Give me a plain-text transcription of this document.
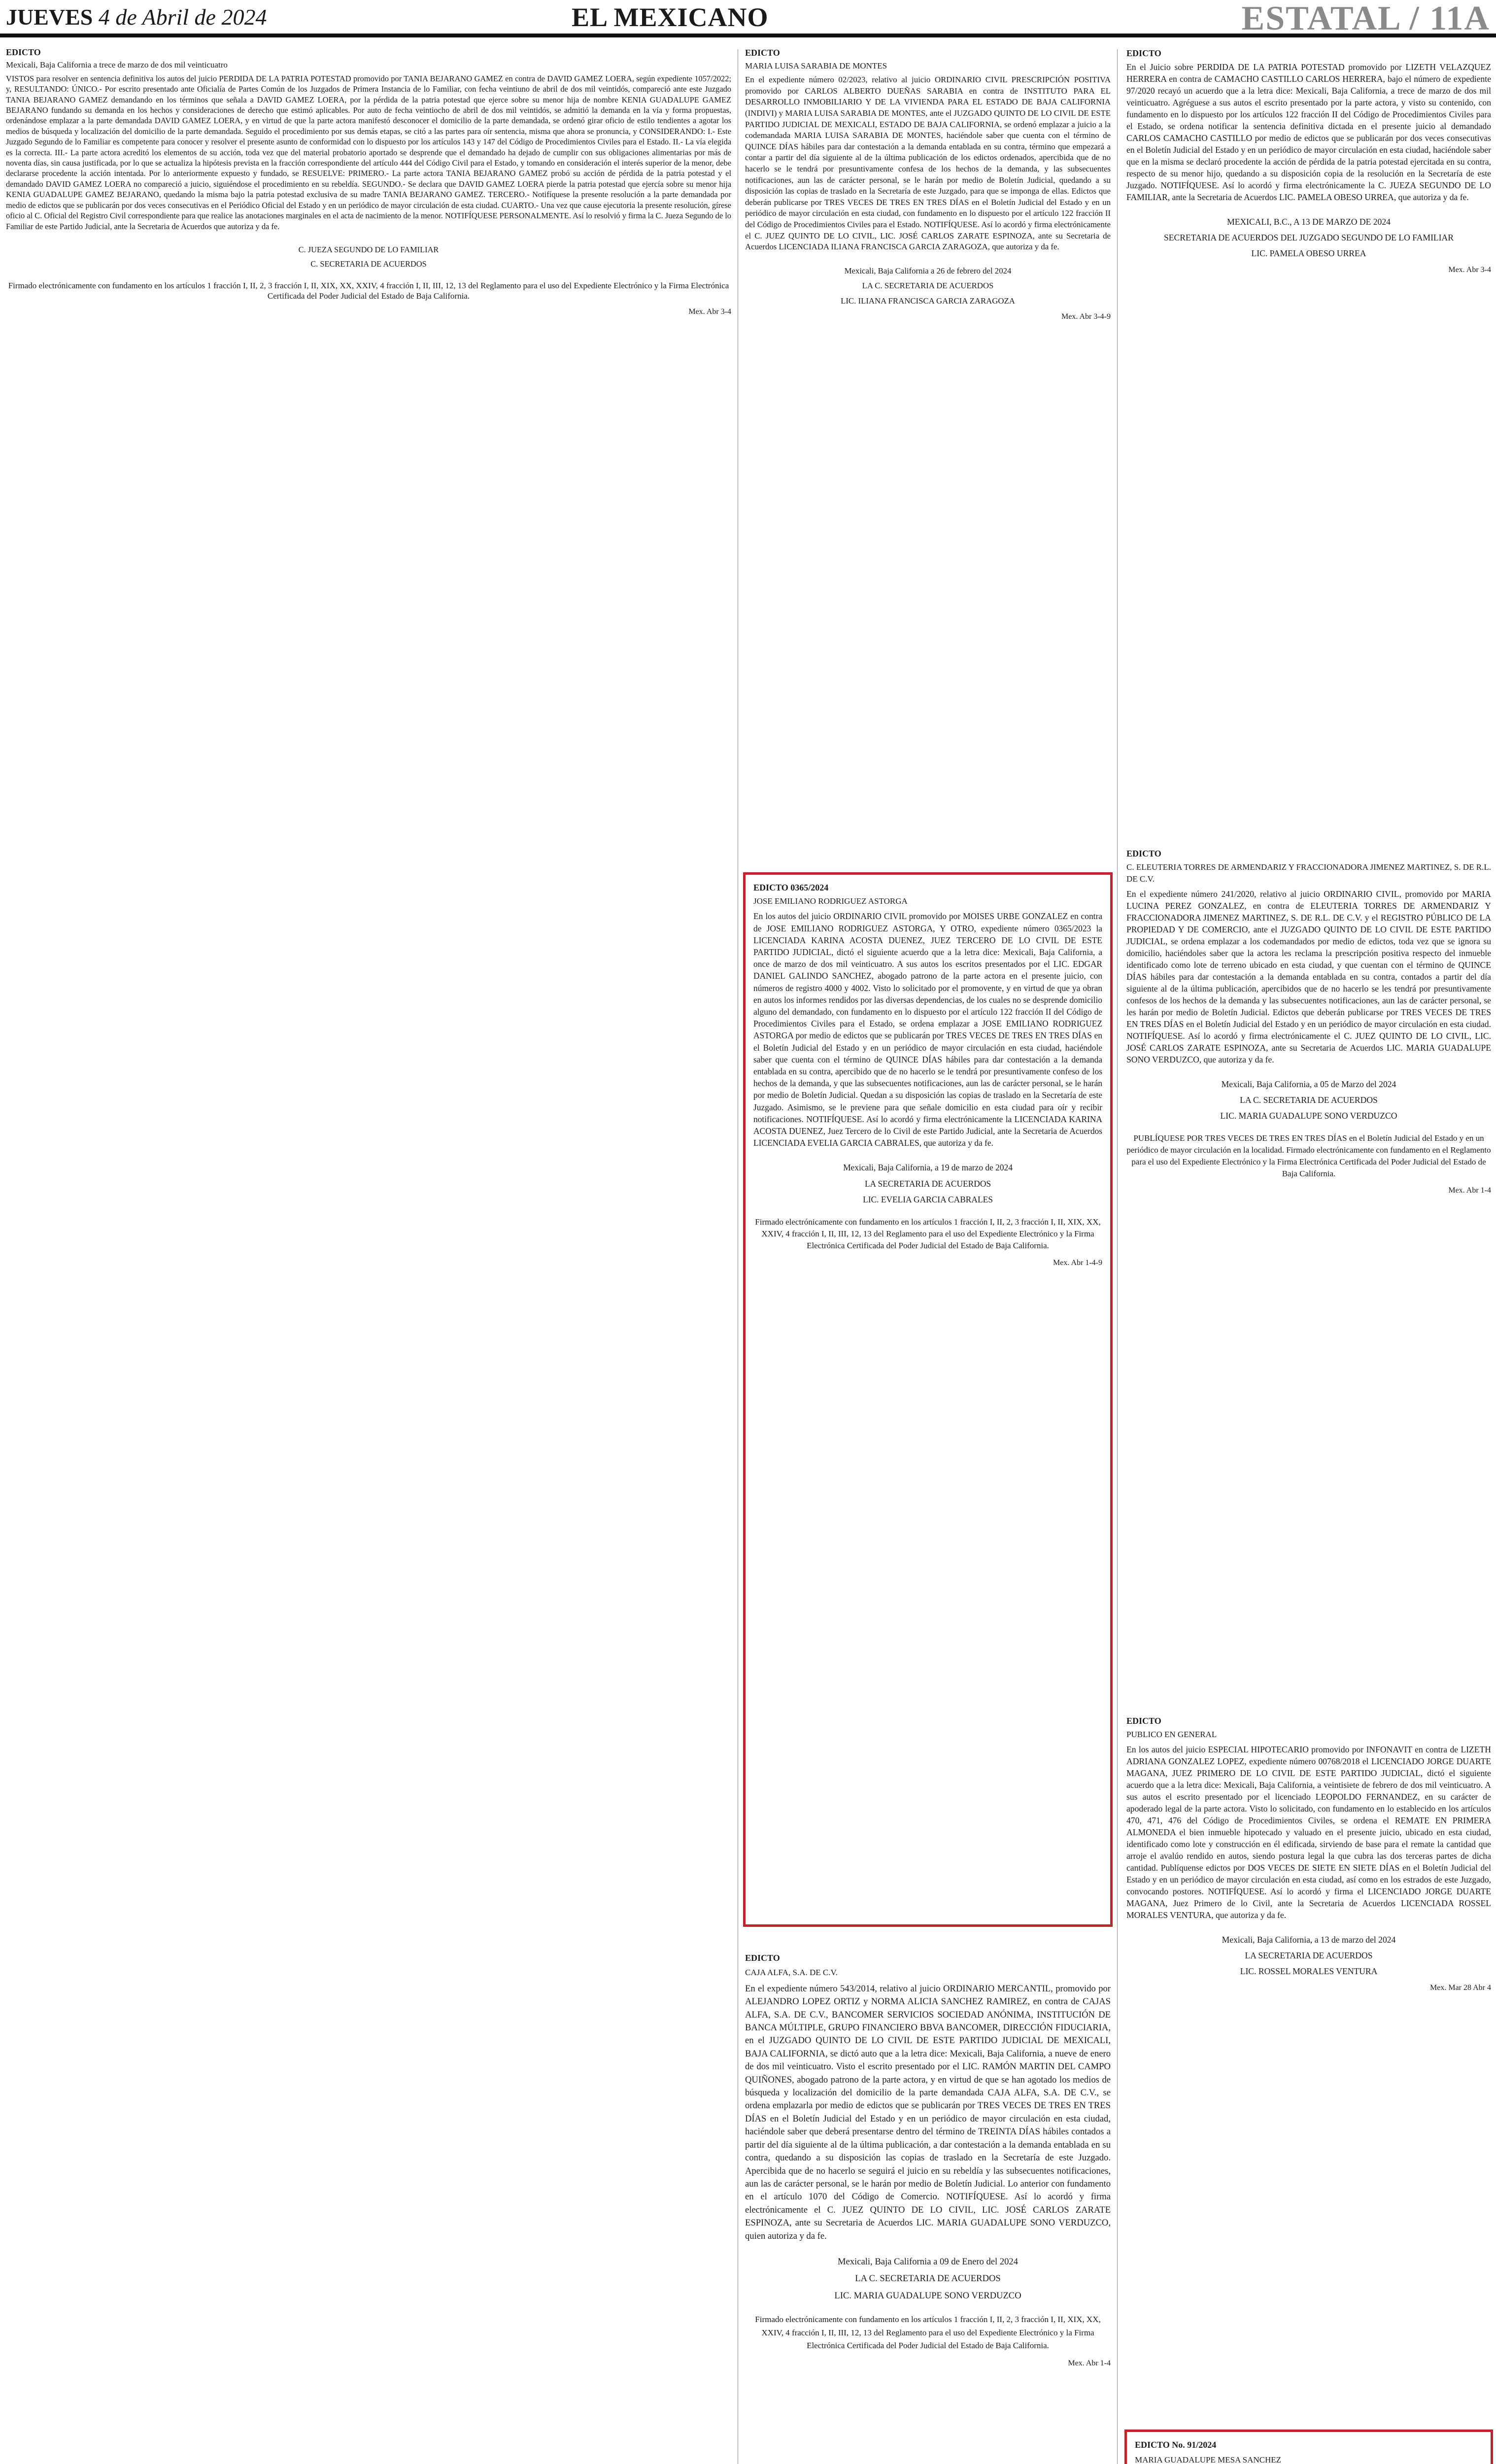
JUEVES 4 de Abril de 2024	EL MEXICANO	ESTATAL / 11A
EDICTO
Mexicali, Baja California a trece de marzo de dos mil veinticuatro

VISTOS para resolver en sentencia definitiva los autos del juicio PERDIDA DE LA PATRIA POTESTAD promovido por TANIA BEJARANO GAMEZ en contra de DAVID GAMEZ LOERA, según expediente 1057/2022; y, RESULTANDO: ÚNICO.- Por escrito presentado ante Oficialía de Partes Común de los Juzgados de Primera Instancia de lo Familiar, con fecha veintiuno de abril de dos mil veintidós, compareció ante este Juzgado TANIA BEJARANO GAMEZ demandando en los términos que señala a DAVID GAMEZ LOERA, por la pérdida de la patria potestad que ejerce sobre su menor hija de nombre KENIA GUADALUPE GAMEZ BEJARANO fundando su demanda en los hechos y consideraciones de derecho que estimó aplicables. Por auto de fecha veintiocho de abril de dos mil veintidós, se admitió la demanda en la vía y forma propuestas, ordenándose emplazar a la parte demandada DAVID GAMEZ LOERA, y en virtud de que la parte actora manifestó desconocer el domicilio de la parte demandada, se ordenó girar oficio de estilo tendientes a agotar los medios de búsqueda y localización del domicilio de la parte demandada. Seguido el procedimiento por sus demás etapas, se citó a las partes para oír sentencia, misma que ahora se pronuncia, y CONSIDERANDO: I.- Este Juzgado Segundo de lo Familiar es competente para conocer y resolver el presente asunto de conformidad con lo dispuesto por los artículos 143 y 147 del Código de Procedimientos Civiles para el Estado. II.- La vía elegida es la correcta. III.- La parte actora acreditó los elementos de su acción, toda vez que del material probatorio aportado se desprende que el demandado ha dejado de cumplir con sus obligaciones alimentarias por más de noventa días, sin causa justificada, por lo que se actualiza la hipótesis prevista en la fracción correspondiente del artículo 444 del Código Civil para el Estado, y tomando en consideración el interés superior de la menor, debe declararse procedente la acción intentada. Por lo anteriormente expuesto y fundado, se RESUELVE: PRIMERO.- La parte actora TANIA BEJARANO GAMEZ probó su acción de pérdida de la patria potestad y el demandado DAVID GAMEZ LOERA no compareció a juicio, siguiéndose el procedimiento en su rebeldía. SEGUNDO.- Se declara que DAVID GAMEZ LOERA pierde la patria potestad que ejercía sobre su menor hija KENIA GUADALUPE GAMEZ BEJARANO, quedando la misma bajo la patria potestad exclusiva de su madre TANIA BEJARANO GAMEZ. TERCERO.- Notifíquese la presente resolución a la parte demandada por medio de edictos que se publicarán por dos veces consecutivas en el Periódico Oficial del Estado y en un periódico de mayor circulación de esta ciudad. CUARTO.- Una vez que cause ejecutoria la presente resolución, gírese oficio al C. Oficial del Registro Civil correspondiente para que realice las anotaciones marginales en el acta de nacimiento de la menor. NOTIFÍQUESE PERSONALMENTE. Así lo resolvió y firma la C. Jueza Segundo de lo Familiar de este Partido Judicial, ante la Secretaria de Acuerdos que autoriza y da fe.

C. JUEZA SEGUNDO DE LO FAMILIAR
C. SECRETARIA DE ACUERDOS
Firmado electrónicamente con fundamento en los artículos 1 fracción I, II, 2, 3 fracción I, II, XIX, XX, XXIV, 4 fracción I, II, III, 12, 13 del Reglamento para el uso del Expediente Electrónico y la Firma Electrónica Certificada del Poder Judicial del Estado de Baja California.
Mex. Abr 3-4
EDICTO
MARIA LUISA SARABIA DE MONTES

En el expediente número 02/2023, relativo al juicio ORDINARIO CIVIL PRESCRIPCIÓN POSITIVA promovido por CARLOS ALBERTO DUEÑAS SARABIA en contra de INSTITUTO PARA EL DESARROLLO INMOBILIARIO Y DE LA VIVIENDA PARA EL ESTADO DE BAJA CALIFORNIA (INDIVI) y MARIA LUISA SARABIA DE MONTES, ante el JUZGADO QUINTO DE LO CIVIL DE ESTE PARTIDO JUDICIAL DE MEXICALI, ESTADO DE BAJA CALIFORNIA, se ordenó emplazar a juicio a la codemandada MARIA LUISA SARABIA DE MONTES, haciéndole saber que cuenta con el término de QUINCE DÍAS hábiles para dar contestación a la demanda entablada en su contra, término que empezará a contar a partir del día siguiente al de la última publicación de los edictos ordenados, apercibida que de no hacerlo se le tendrá por presuntivamente confesa de los hechos de la demanda, y las subsecuentes notificaciones, aun las de carácter personal, se le harán por medio de Boletín Judicial, quedando a su disposición las copias de traslado en la Secretaría de este Juzgado, para que se imponga de ellas. Edictos que deberán publicarse por TRES VECES DE TRES EN TRES DÍAS en el Boletín Judicial del Estado y en un periódico de mayor circulación en esta ciudad, con fundamento en lo dispuesto por el artículo 122 fracción II del Código de Procedimientos Civiles para el Estado. NOTIFÍQUESE. Así lo acordó y firma electrónicamente el C. JUEZ QUINTO DE LO CIVIL, LIC. JOSÉ CARLOS ZARATE ESPINOZA, ante su Secretaria de Acuerdos LICENCIADA ILIANA FRANCISCA GARCIA ZARAGOZA, que autoriza y da fe.

Mexicali, Baja California a 26 de febrero del 2024
LA C. SECRETARIA DE ACUERDOS
LIC. ILIANA FRANCISCA GARCIA ZARAGOZA
Mex. Abr 3-4-9
EDICTO 0365/2024
JOSE EMILIANO RODRIGUEZ ASTORGA

En los autos del juicio ORDINARIO CIVIL promovido por MOISES URBE GONZALEZ en contra de JOSE EMILIANO RODRIGUEZ ASTORGA, Y OTRO, expediente número 0365/2023 la LICENCIADA KARINA ACOSTA DUENEZ, JUEZ TERCERO DE LO CIVIL DE ESTE PARTIDO JUDICIAL, dictó el siguiente acuerdo que a la letra dice: Mexicali, Baja California, a once de marzo de dos mil veinticuatro. A sus autos los escritos presentados por el LIC. EDGAR DANIEL GALINDO SANCHEZ, abogado patrono de la parte actora en el presente juicio, con números de registro 4000 y 4002. Visto lo solicitado por el promovente, y en virtud de que ya obran en autos los informes rendidos por las diversas dependencias, de los cuales no se desprende domicilio alguno del demandado, con fundamento en lo dispuesto por el artículo 122 fracción II del Código de Procedimientos Civiles para el Estado, se ordena emplazar a JOSE EMILIANO RODRIGUEZ ASTORGA por medio de edictos que se publicarán por TRES VECES DE TRES EN TRES DÍAS en el Boletín Judicial del Estado y en un periódico de mayor circulación en esta ciudad, haciéndole saber que cuenta con el término de QUINCE DÍAS hábiles para dar contestación a la demanda entablada en su contra, apercibido que de no hacerlo se le tendrá por presuntivamente confeso de los hechos de la demanda, y que las subsecuentes notificaciones, aun las de carácter personal, se le harán por medio de Boletín Judicial. Quedan a su disposición las copias de traslado en la Secretaría de este Juzgado. Asimismo, se le previene para que señale domicilio en esta ciudad para oír y recibir notificaciones. NOTIFÍQUESE. Así lo acordó y firma electrónicamente la LICENCIADA KARINA ACOSTA DUENEZ, Juez Tercero de lo Civil de este Partido Judicial, ante la Secretaria de Acuerdos LICENCIADA EVELIA GARCIA CABRALES, que autoriza y da fe.

Mexicali, Baja California, a 19 de marzo de 2024
LA SECRETARIA DE ACUERDOS
LIC. EVELIA GARCIA CABRALES
Firmado electrónicamente con fundamento en los artículos 1 fracción I, II, 2, 3 fracción I, II, XIX, XX, XXIV, 4 fracción I, II, III, 12, 13 del Reglamento para el uso del Expediente Electrónico y la Firma Electrónica Certificada del Poder Judicial del Estado de Baja California.
Mex. Abr 1-4-9
EDICTO
CAJA ALFA, S.A. DE C.V.

En el expediente número 543/2014, relativo al juicio ORDINARIO MERCANTIL, promovido por ALEJANDRO LOPEZ ORTIZ y NORMA ALICIA SANCHEZ RAMIREZ, en contra de CAJAS ALFA, S.A. DE C.V., BANCOMER SERVICIOS SOCIEDAD ANÓNIMA, INSTITUCIÓN DE BANCA MÚLTIPLE, GRUPO FINANCIERO BBVA BANCOMER, DIRECCIÓN FIDUCIARIA, en el JUZGADO QUINTO DE LO CIVIL DE ESTE PARTIDO JUDICIAL DE MEXICALI, BAJA CALIFORNIA, se dictó auto que a la letra dice: Mexicali, Baja California, a nueve de enero de dos mil veinticuatro. Visto el escrito presentado por el LIC. RAMÓN MARTIN DEL CAMPO QUIÑONES, abogado patrono de la parte actora, y en virtud de que se han agotado los medios de búsqueda y localización del domicilio de la parte demandada CAJA ALFA, S.A. DE C.V., se ordena emplazarla por medio de edictos que se publicarán por TRES VECES DE TRES EN TRES DÍAS en el Boletín Judicial del Estado y en un periódico de mayor circulación en esta ciudad, haciéndole saber que deberá presentarse dentro del término de TREINTA DÍAS hábiles contados a partir del día siguiente al de la última publicación, a dar contestación a la demanda entablada en su contra, quedando a su disposición las copias de traslado en la Secretaría de este Juzgado. Apercibida que de no hacerlo se seguirá el juicio en su rebeldía y las subsecuentes notificaciones, aun las de carácter personal, se le harán por medio de Boletín Judicial. Lo anterior con fundamento en el artículo 1070 del Código de Comercio. NOTIFÍQUESE. Así lo acordó y firma electrónicamente el C. JUEZ QUINTO DE LO CIVIL, LIC. JOSÉ CARLOS ZARATE ESPINOZA, ante su Secretaria de Acuerdos LIC. MARIA GUADALUPE SONO VERDUZCO, quien autoriza y da fe.

Mexicali, Baja California a 09 de Enero del 2024
LA C. SECRETARIA DE ACUERDOS
LIC. MARIA GUADALUPE SONO VERDUZCO
Firmado electrónicamente con fundamento en los artículos 1 fracción I, II, 2, 3 fracción I, II, XIX, XX, XXIV, 4 fracción I, II, III, 12, 13 del Reglamento para el uso del Expediente Electrónico y la Firma Electrónica Certificada del Poder Judicial del Estado de Baja California.
Mex. Abr 1-4
EDICTO

En el Juicio sobre PERDIDA DE LA PATRIA POTESTAD promovido por LIZETH VELAZQUEZ HERRERA en contra de CAMACHO CASTILLO CARLOS HERRERA, bajo el número de expediente 97/2020 recayó un acuerdo que a la letra dice: Mexicali, Baja California, a trece de marzo de dos mil veinticuatro. Agréguese a sus autos el escrito presentado por la parte actora, y visto su contenido, con fundamento en lo dispuesto por los artículos 122 fracción II del Código de Procedimientos Civiles para el Estado, se ordena notificar la sentencia definitiva dictada en el presente juicio al demandado CARLOS CAMACHO CASTILLO por medio de edictos que se publicarán por dos veces consecutivas en el Boletín Judicial del Estado y en un periódico de mayor circulación en esta ciudad, haciéndole saber que en la misma se declaró procedente la acción de pérdida de la patria potestad ejercitada en su contra, respecto de su menor hijo, quedando a su disposición copia de la resolución en la Secretaría de este Juzgado. NOTIFÍQUESE. Así lo acordó y firma electrónicamente la C. JUEZA SEGUNDO DE LO FAMILIAR, ante la Secretaria de Acuerdos LIC. PAMELA OBESO URREA, que autoriza y da fe.

MEXICALI, B.C., A 13 DE MARZO DE 2024
SECRETARIA DE ACUERDOS DEL JUZGADO SEGUNDO DE LO FAMILIAR
LIC. PAMELA OBESO URREA
Mex. Abr 3-4
EDICTO
C. ELEUTERIA TORRES DE ARMENDARIZ Y FRACCIONADORA JIMENEZ MARTINEZ, S. DE R.L. DE C.V.

En el expediente número 241/2020, relativo al juicio ORDINARIO CIVIL, promovido por MARIA LUCINA PEREZ GONZALEZ, en contra de ELEUTERIA TORRES DE ARMENDARIZ Y FRACCIONADORA JIMENEZ MARTINEZ, S. DE R.L. DE C.V. y el REGISTRO PÚBLICO DE LA PROPIEDAD Y DE COMERCIO, ante el JUZGADO QUINTO DE LO CIVIL DE ESTE PARTIDO JUDICIAL, se ordena emplazar a los codemandados por medio de edictos, toda vez que se ignora su domicilio, haciéndoles saber que la actora les reclama la prescripción positiva respecto del inmueble identificado como lote de terreno ubicado en esta ciudad, y que cuentan con el término de QUINCE DÍAS hábiles para dar contestación a la demanda entablada en su contra, contados a partir del día siguiente al de la última publicación, apercibidos que de no hacerlo se les tendrá por presuntivamente confesos de los hechos de la demanda y las subsecuentes notificaciones, aun las de carácter personal, se les harán por medio de Boletín Judicial. Edictos que deberán publicarse por TRES VECES DE TRES EN TRES DÍAS en el Boletín Judicial del Estado y en un periódico de mayor circulación en esta ciudad. NOTIFÍQUESE. Así lo acordó y firma electrónicamente el C. JUEZ QUINTO DE LO CIVIL, LIC. JOSÉ CARLOS ZARATE ESPINOZA, ante su Secretaria de Acuerdos LIC. MARIA GUADALUPE SONO VERDUZCO, que autoriza y da fe.

Mexicali, Baja California, a 05 de Marzo del 2024
LA C. SECRETARIA DE ACUERDOS
LIC. MARIA GUADALUPE SONO VERDUZCO
PUBLÍQUESE POR TRES VECES DE TRES EN TRES DÍAS en el Boletín Judicial del Estado y en un periódico de mayor circulación en la localidad. Firmado electrónicamente con fundamento en el Reglamento para el uso del Expediente Electrónico y la Firma Electrónica Certificada del Poder Judicial del Estado de Baja California.
Mex. Abr 1-4
EDICTO
PUBLICO EN GENERAL

En los autos del juicio ESPECIAL HIPOTECARIO promovido por INFONAVIT en contra de LIZETH ADRIANA GONZALEZ LOPEZ, expediente número 00768/2018 el LICENCIADO JORGE DUARTE MAGANA, JUEZ PRIMERO DE LO CIVIL DE ESTE PARTIDO JUDICIAL, dictó el siguiente acuerdo que a la letra dice: Mexicali, Baja California, a veintisiete de febrero de dos mil veinticuatro. A sus autos el escrito presentado por el licenciado LEOPOLDO FERNANDEZ, en su carácter de apoderado legal de la parte actora. Visto lo solicitado, con fundamento en lo establecido en los artículos 470, 471, 476 del Código de Procedimientos Civiles, se ordena el REMATE EN PRIMERA ALMONEDA el bien inmueble hipotecado y valuado en el presente juicio, ubicado en esta ciudad, identificado como lote y construcción en él edificada, sirviendo de base para el remate la cantidad que arroje el avalúo rendido en autos, siendo postura legal la que cubra las dos terceras partes de dicha cantidad. Publíquense edictos por DOS VECES DE SIETE EN SIETE DÍAS en el Boletín Judicial del Estado y en un periódico de mayor circulación en esta ciudad, así como en los estrados de este Juzgado, convocando postores. NOTIFÍQUESE. Así lo acordó y firma el LICENCIADO JORGE DUARTE MAGANA, Juez Primero de lo Civil, ante la Secretaria de Acuerdos LICENCIADA ROSSEL MORALES VENTURA, que autoriza y da fe.

Mexicali, Baja California, a 13 de marzo del 2024
LA SECRETARIA DE ACUERDOS
LIC. ROSSEL MORALES VENTURA
Mex. Mar 28 Abr 4
EDICTO No. 91/2024
MARIA GUADALUPE MESA SANCHEZ
